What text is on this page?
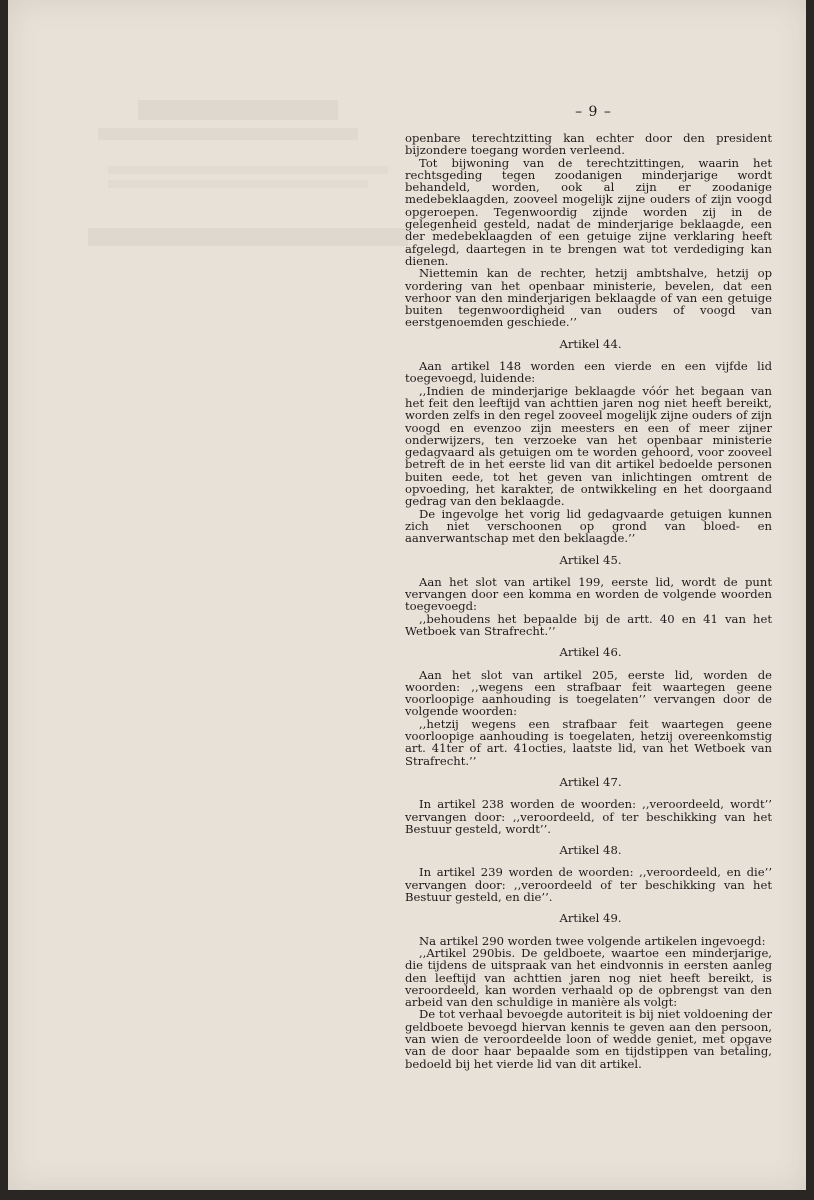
– 9 –

openbare terechtzitting kan echter door den president bijzondere toegang worden verleend.

Tot bijwoning van de terechtzittingen, waarin het rechtsgeding tegen zoodanigen minderjarige wordt behandeld, worden, ook al zijn er zoodanige medebeklaagden, zooveel mogelijk zijne ouders of zijn voogd opgeroepen. Tegenwoordig zijnde worden zij in de gelegenheid gesteld, nadat de minderjarige beklaagde, een der medebeklaagden of een getuige zijne verklaring heeft afgelegd, daartegen in te brengen wat tot verdediging kan dienen.

Niettemin kan de rechter, hetzij ambtshalve, hetzij op vordering van het openbaar ministerie, bevelen, dat een verhoor van den minderjarigen beklaagde of van een getuige buiten tegenwoordigheid van ouders of voogd van eerstgenoemden geschiede.’’

Artikel 44.

Aan artikel 148 worden een vierde en een vijfde lid toegevoegd, luidende:

,,Indien de minderjarige beklaagde vóór het begaan van het feit den leeftijd van achttien jaren nog niet heeft bereikt, worden zelfs in den regel zooveel mogelijk zijne ouders of zijn voogd en evenzoo zijn meesters en een of meer zijner onderwijzers, ten verzoeke van het openbaar ministerie gedagvaard als getuigen om te worden gehoord, voor zooveel betreft de in het eerste lid van dit artikel bedoelde personen buiten eede, tot het geven van inlichtingen omtrent de opvoeding, het karakter, de ontwikkeling en het doorgaand gedrag van den beklaagde.

De ingevolge het vorig lid gedagvaarde getuigen kunnen zich niet verschoonen op grond van bloed- en aanverwantschap met den beklaagde.’’

Artikel 45.

Aan het slot van artikel 199, eerste lid, wordt de punt vervangen door een komma en worden de volgende woorden toegevoegd:

,,behoudens het bepaalde bij de artt. 40 en 41 van het Wetboek van Strafrecht.’’

Artikel 46.

Aan het slot van artikel 205, eerste lid, worden de woorden: ,,wegens een strafbaar feit waartegen geene voorloopige aanhouding is toegelaten’’ vervangen door de volgende woorden:

,,hetzij wegens een strafbaar feit waartegen geene voorloopige aanhouding is toegelaten, hetzij overeenkomstig art. 41ter of art. 41octies, laatste lid, van het Wetboek van Strafrecht.’’

Artikel 47.

In artikel 238 worden de woorden: ,,veroordeeld, wordt’’ vervangen door: ,,veroordeeld, of ter beschikking van het Bestuur gesteld, wordt’’.

Artikel 48.

In artikel 239 worden de woorden: ,,veroordeeld, en die’’ vervangen door: ,,veroordeeld of ter beschikking van het Bestuur gesteld, en die’’.

Artikel 49.

Na artikel 290 worden twee volgende artikelen ingevoegd:

,,Artikel 290bis. De geldboete, waartoe een minderjarige, die tijdens de uitspraak van het eindvonnis in eersten aanleg den leeftijd van achttien jaren nog niet heeft bereikt, is veroordeeld, kan worden verhaald op de opbrengst van den arbeid van den schuldige in manière als volgt:

De tot verhaal bevoegde autoriteit is bij niet voldoening der geldboete bevoegd hiervan kennis te geven aan den persoon, van wien de veroordeelde loon of wedde geniet, met opgave van de door haar bepaalde som en tijdstippen van betaling, bedoeld bij het vierde lid van dit artikel.
